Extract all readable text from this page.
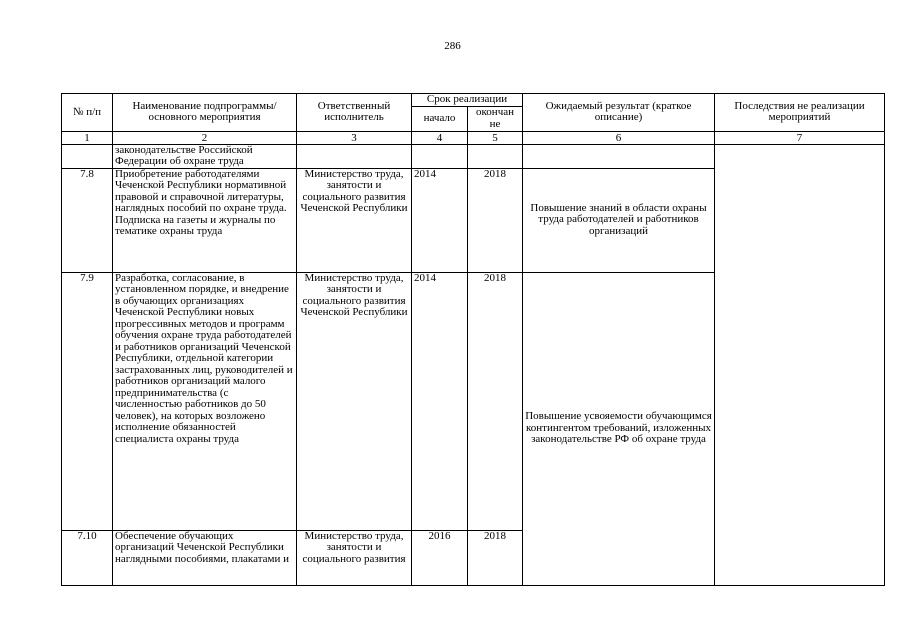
286
№ п/п	Наименование подпрограммы/ основного мероприятия	Ответственный исполнитель	Срок реализации		Ожидаемый результат (краткое описание)	Последствия не реализации мероприятий
			начало	окончан не		
1	2	3	4	5	6	7
	законодательстве Российской Федерации об охране труда					
7.8	Приобретение работодателями Чеченской Республики нормативной правовой и справочной литературы, наглядных пособий по охране труда. Подписка на газеты и журналы по тематике охраны труда	Министерство труда, занятости и социального развития Чеченской Республики	2014	2018	Повышение знаний в области охраны труда работодателей и работников организаций	
7.9	Разработка, согласование, в установленном порядке, и внедрение в обучающих организациях Чеченской Республики новых прогрессивных методов и программ обучения охране труда работодателей и работников организаций Чеченской Республики, отдельной категории застрахованных лиц, руководителей и работников организаций малого предпринимательства (с численностью работников до 50 человек), на которых возложено исполнение обязанностей специалиста охраны труда	Министерство труда, занятости и социального развития Чеченской Республики	2014	2018	Повышение усвояемости обучающимся контингентом требований, изложенных законодательстве РФ об охране труда	
7.10	Обеспечение обучающих организаций Чеченской Республики наглядными пособиями, плакатами и	Министерство труда, занятости и социального развития	2016	2018		
